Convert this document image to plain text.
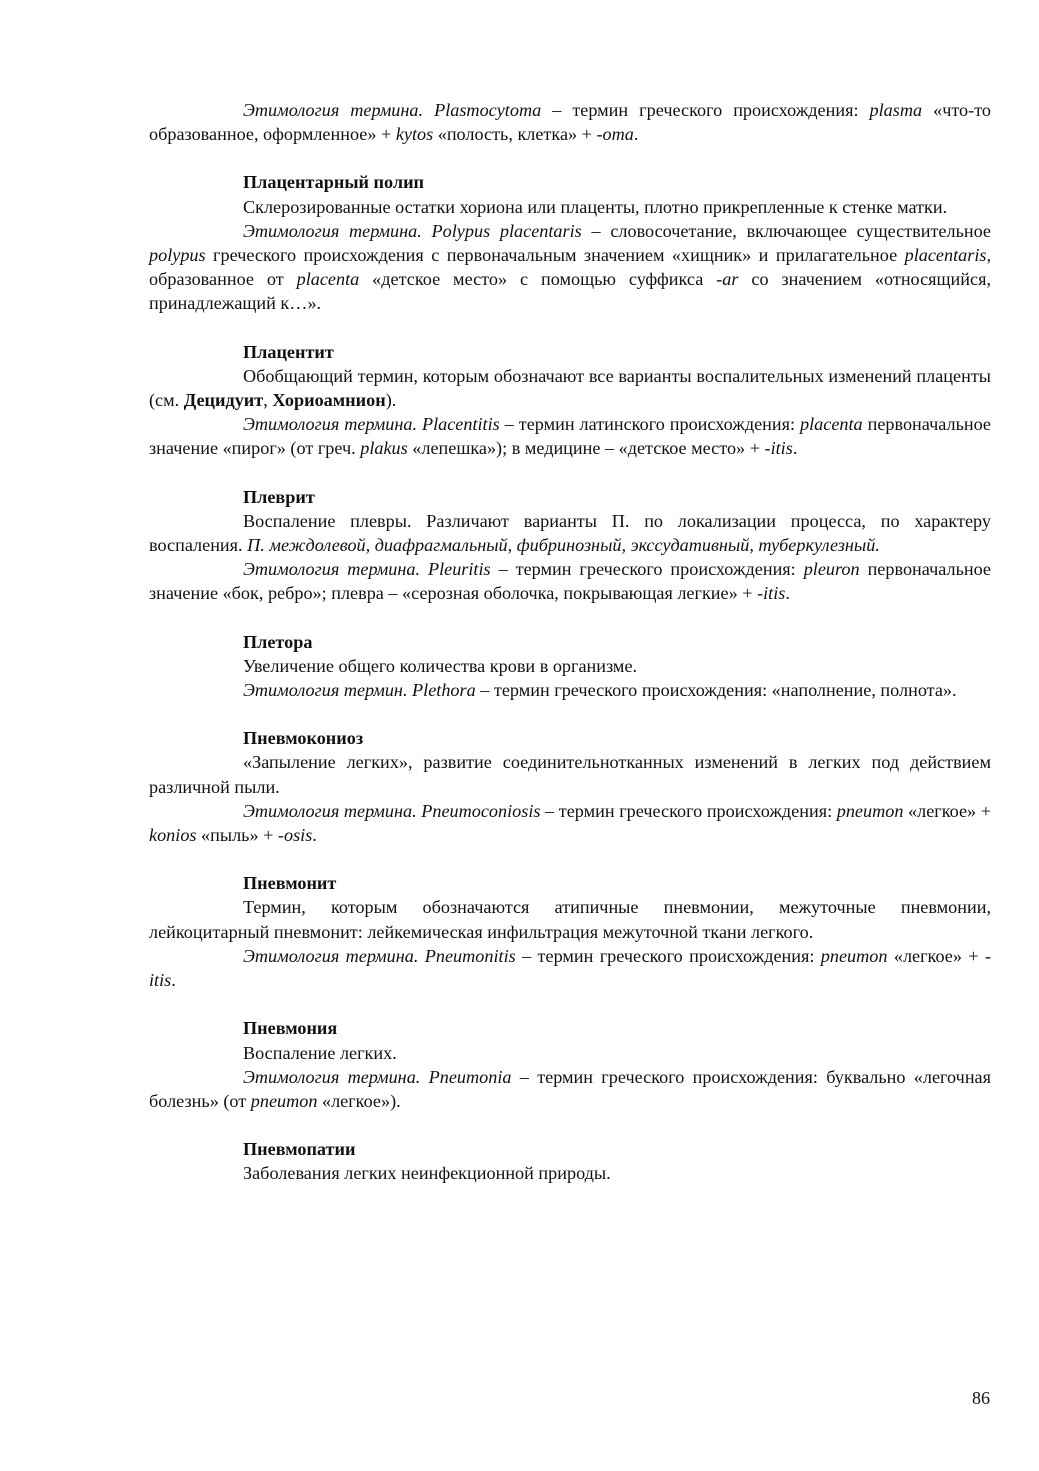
Этимология термина. Plasmocytoma – термин греческого происхождения: plasma «что-то образованное, оформленное» + kytos «полость, клетка» + -oma.

Плацентарный полип

Склерозированные остатки хориона или плаценты, плотно прикрепленные к стенке матки.

Этимология термина. Polypus placentaris – словосочетание, включающее существительное polypus греческого происхождения с первоначальным значением «хищник» и прилагательное placentaris, образованное от placenta «детское место» с помощью суффикса -ar со значением «относящийся, принадлежащий к…».

Плацентит

Обобщающий термин, которым обозначают все варианты воспалительных изменений плаценты (см. Децидуит, Хориоамнион).

Этимология термина. Placentitis – термин латинского происхождения: placenta первоначальное значение «пирог» (от греч. plakus «лепешка»); в медицине – «детское место» + -itis.

Плеврит

Воспаление плевры. Различают варианты П. по локализации процесса, по характеру воспаления. П. междолевой, диафрагмальный, фибринозный, экссудативный, туберкулезный.

Этимология термина. Pleuritis – термин греческого происхождения: pleuron первоначальное значение «бок, ребро»; плевра – «серозная оболочка, покрывающая легкие» + -itis.

Плетора

Увеличение общего количества крови в организме.

Этимология термин. Plethora – термин греческого происхождения: «наполнение, полнота».

Пневмокониоз

«Запыление легких», развитие соединительнотканных изменений в легких под действием различной пыли.

Этимология термина. Pneumoconiosis – термин греческого происхождения: pneumon «легкое» + konios «пыль» + -osis.

Пневмонит

Термин, которым обозначаются атипичные пневмонии, межуточные пневмонии, лейкоцитарный пневмонит: лейкемическая инфильтрация межуточной ткани легкого.

Этимология термина. Pneumonitis – термин греческого происхождения: pneumon «легкое» + -itis.

Пневмония

Воспаление легких.

Этимология термина. Pneumonia – термин греческого происхождения: буквально «легочная болезнь» (от pneumon «легкое»).

Пневмопатии

Заболевания легких неинфекционной природы.

86
